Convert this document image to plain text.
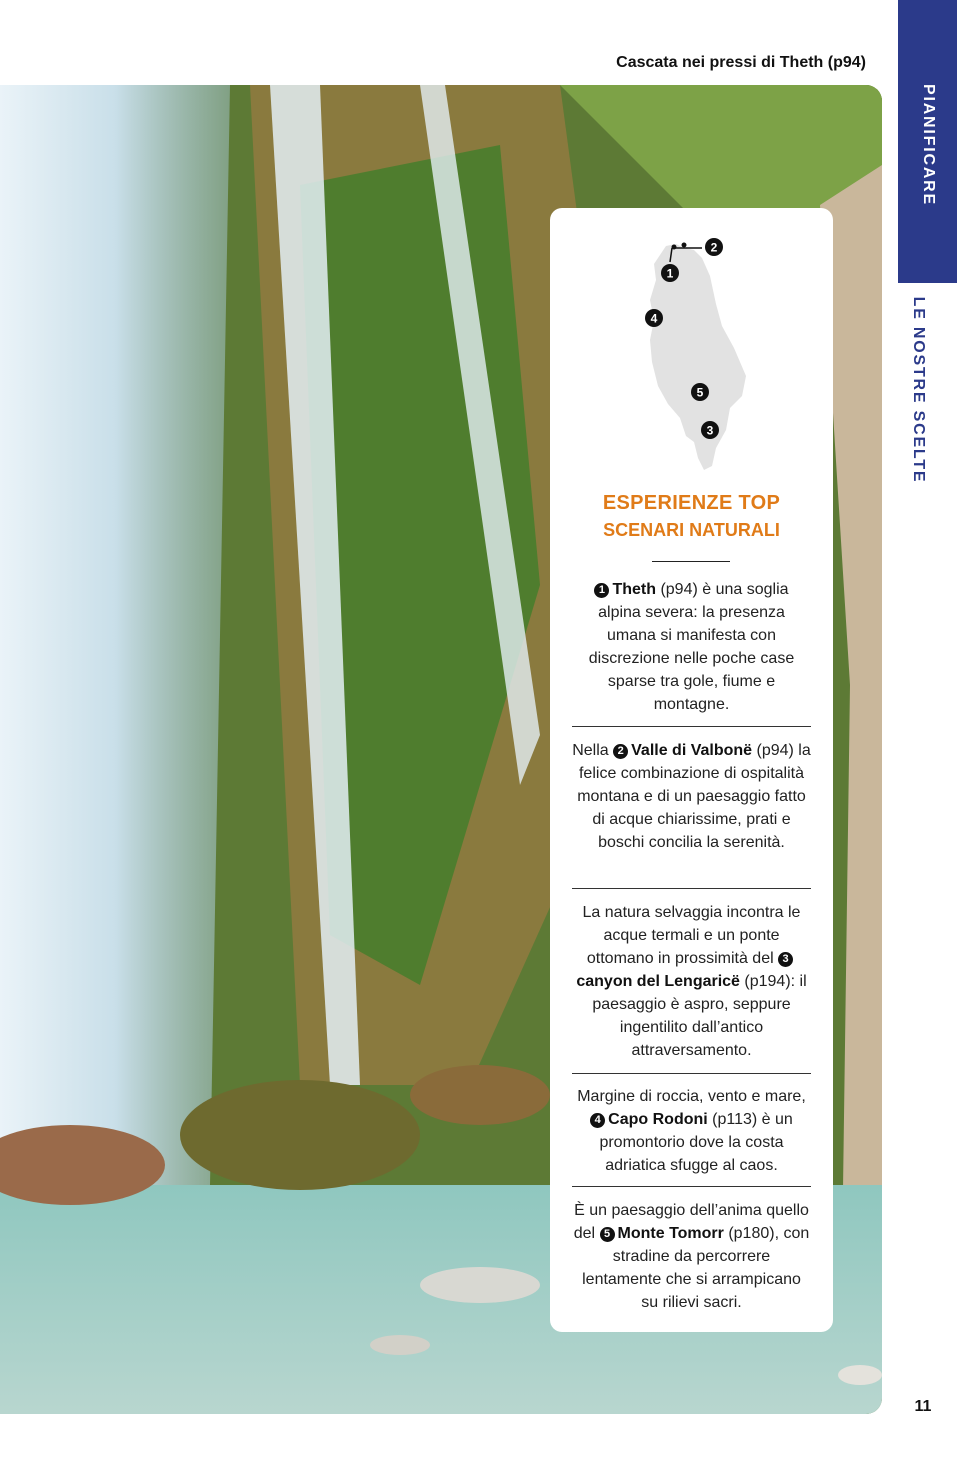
Cascata nei pressi di Theth (p94)
PIANIFICARE
LE NOSTRE SCELTE
11
1
2
4
5
3
ESPERIENZE TOP
SCENARI NATURALI
1 Theth (p94) è una soglia alpina severa: la presenza umana si manifesta con discrezione nelle poche case sparse tra gole, fiume e montagne.
Nella 2 Valle di Valbonë (p94) la felice combinazione di ospitalità montana e di un paesaggio fatto di acque chiarissime, prati e boschi concilia la serenità.
La natura selvaggia incontra le acque termali e un ponte ottomano in prossimità del 3canyon del Lengaricë (p194): il paesaggio è aspro, seppure ingentilito dall’antico attraversamento.
Margine di roccia, vento e mare, 4 Capo Rodoni (p113) è un promontorio dove la costa adriatica sfugge al caos.
È un paesaggio dell’anima quello del 5 Monte Tomorr (p180), con stradine da percorrere lentamente che si arrampicano su rilievi sacri.
